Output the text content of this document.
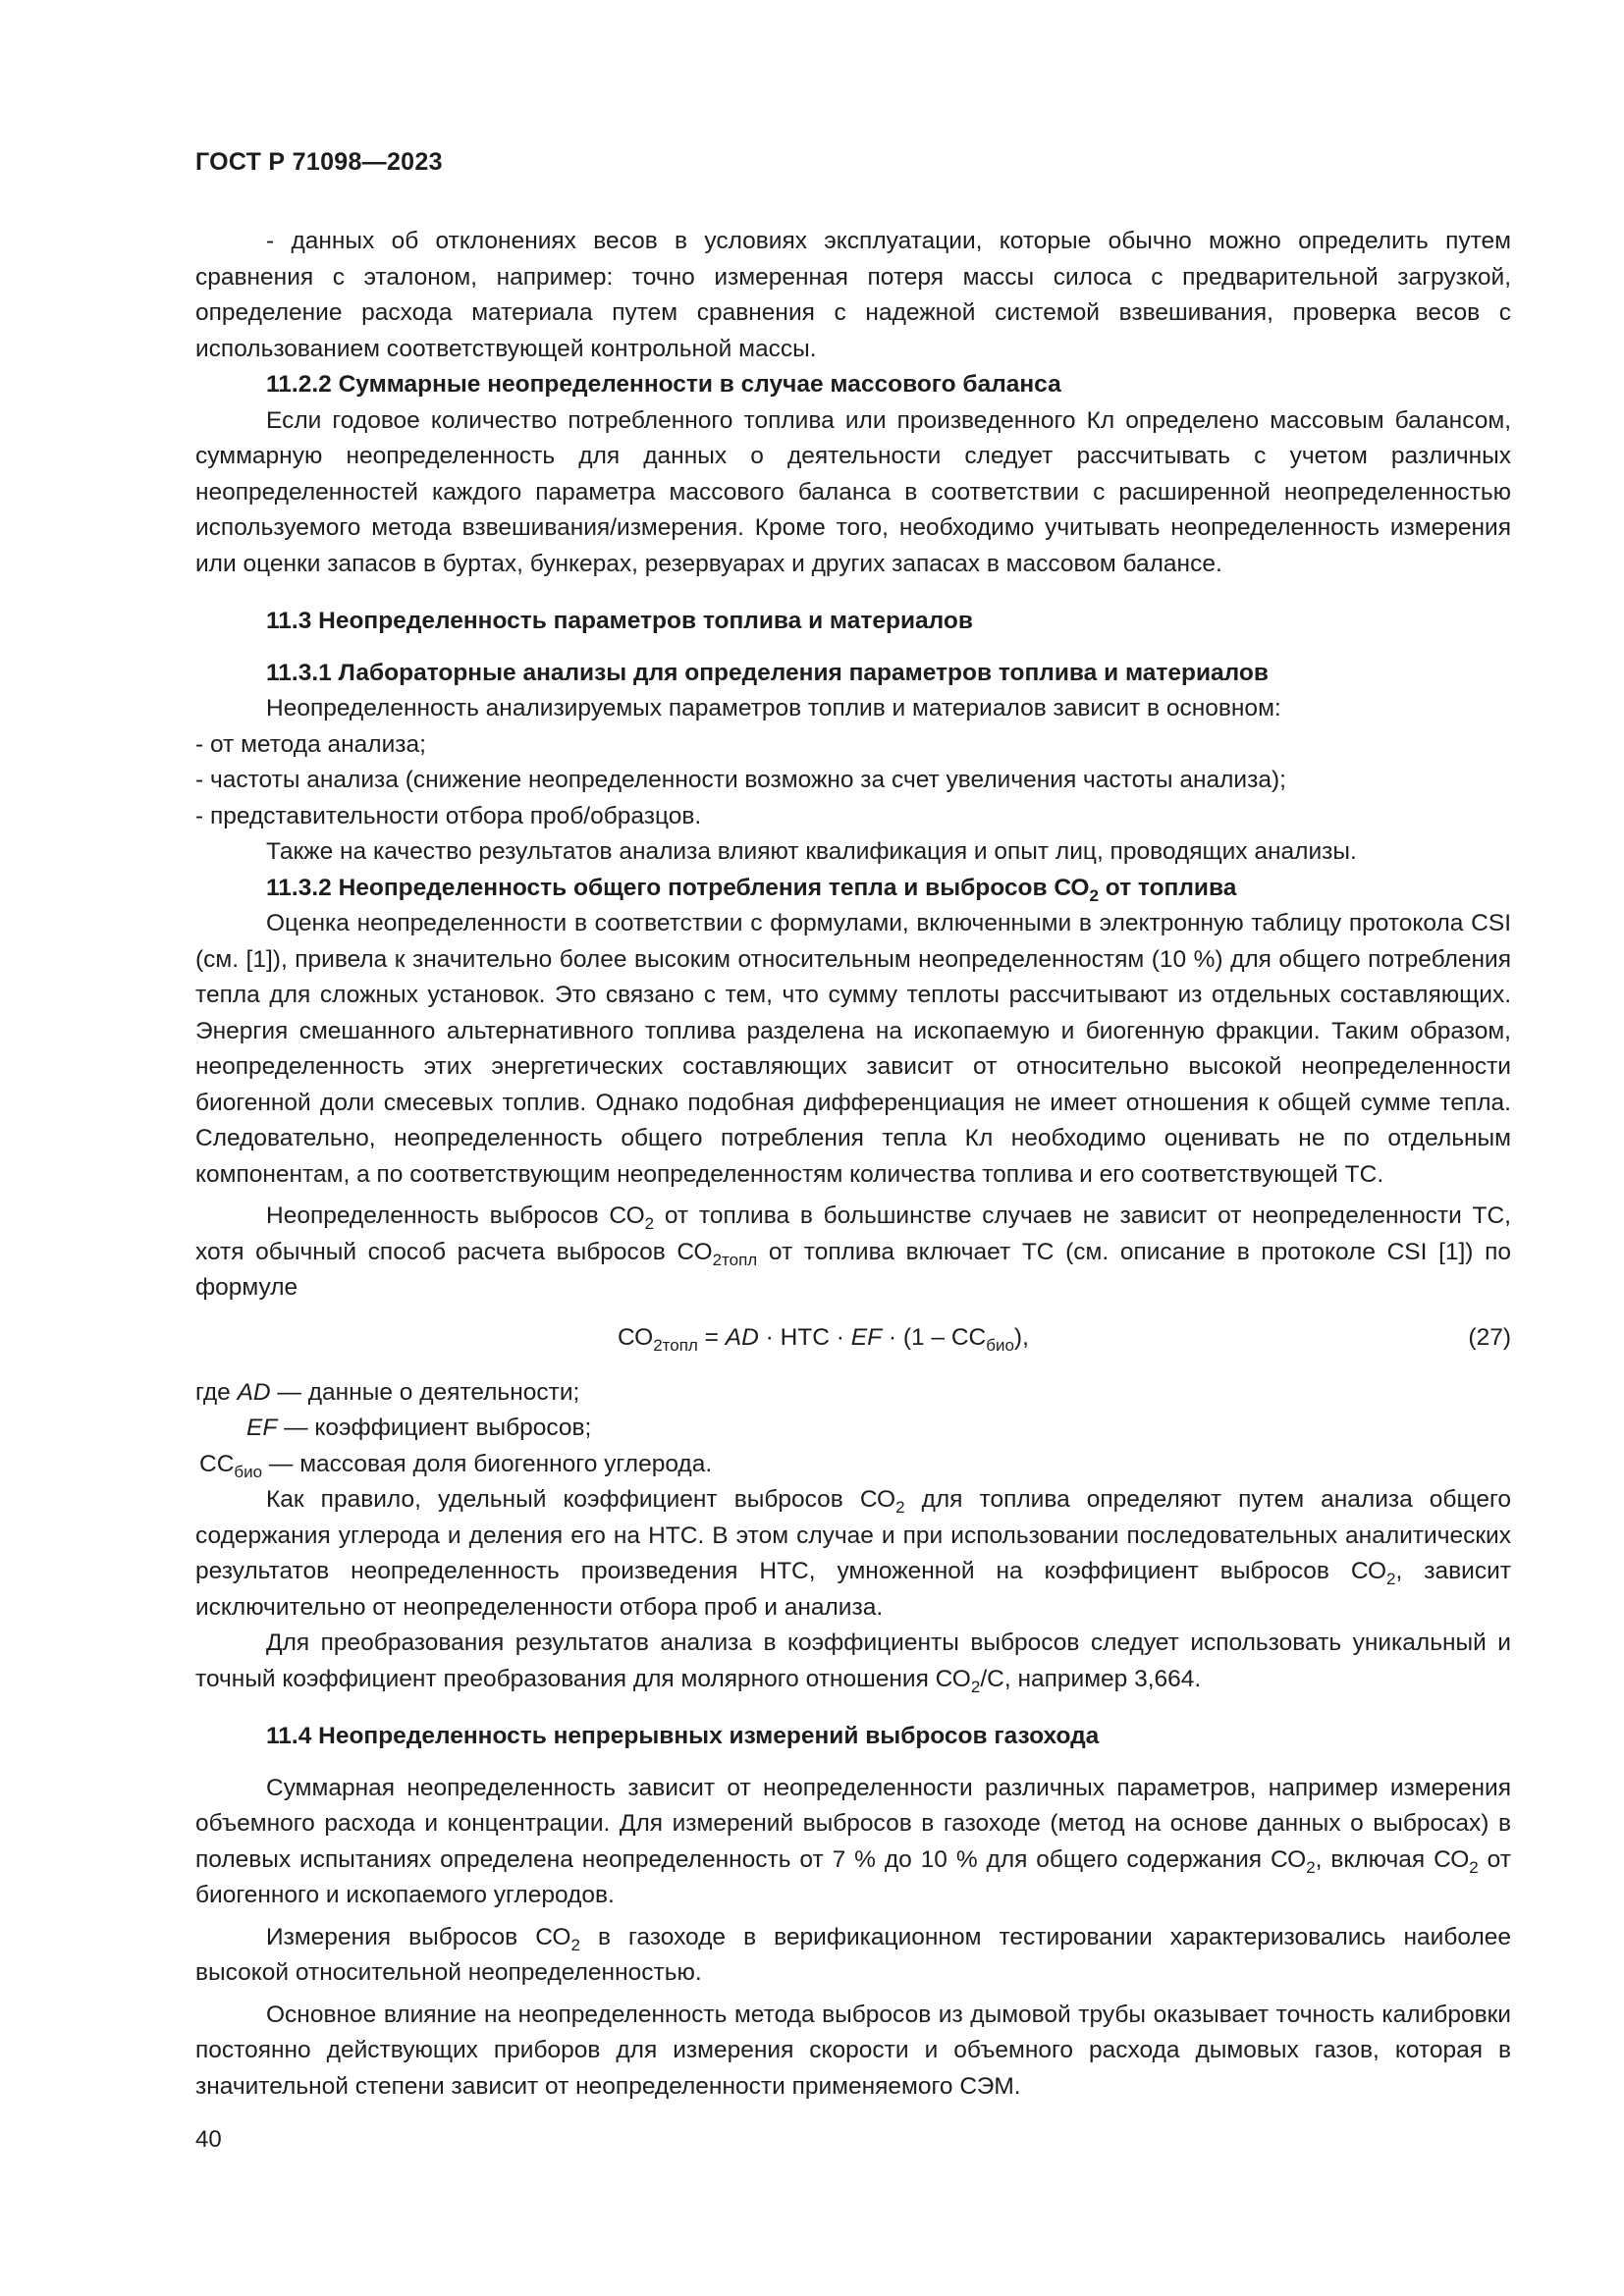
ГОСТ Р 71098—2023

- данных об отклонениях весов в условиях эксплуатации, которые обычно можно определить путем сравнения с эталоном, например: точно измеренная потеря массы силоса с предварительной загрузкой, определение расхода материала путем сравнения с надежной системой взвешивания, проверка весов с использованием соответствующей контрольной массы.

11.2.2 Суммарные неопределенности в случае массового баланса

Если годовое количество потребленного топлива или произведенного Кл определено массовым балансом, суммарную неопределенность для данных о деятельности следует рассчитывать с учетом различных неопределенностей каждого параметра массового баланса в соответствии с расширенной неопределенностью используемого метода взвешивания/измерения. Кроме того, необходимо учитывать неопределенность измерения или оценки запасов в буртах, бункерах, резервуарах и других запасах в массовом балансе.

11.3 Неопределенность параметров топлива и материалов

11.3.1 Лабораторные анализы для определения параметров топлива и материалов

Неопределенность анализируемых параметров топлив и материалов зависит в основном:

- от метода анализа;

- частоты анализа (снижение неопределенности возможно за счет увеличения частоты анализа);

- представительности отбора проб/образцов.

Также на качество результатов анализа влияют квалификация и опыт лиц, проводящих анализы.

11.3.2 Неопределенность общего потребления тепла и выбросов $СО_2$ от топлива

Оценка неопределенности в соответствии с формулами, включенными в электронную таблицу протокола CSI (см. [1]), привела к значительно более высоким относительным неопределенностям (10 %) для общего потребления тепла для сложных установок. Это связано с тем, что сумму теплоты рассчитывают из отдельных составляющих. Энергия смешанного альтернативного топлива разделена на ископаемую и биогенную фракции. Таким образом, неопределенность этих энергетических составляющих зависит от относительно высокой неопределенности биогенной доли смесевых топлив. Однако подобная дифференциация не имеет отношения к общей сумме тепла. Следовательно, неопределенность общего потребления тепла Кл необходимо оценивать не по отдельным компонентам, а по соответствующим неопределенностям количества топлива и его соответствующей ТС.

Неопределенность выбросов $СО_2$ от топлива в большинстве случаев не зависит от неопределенности ТС, хотя обычный способ расчета выбросов $СО_{2топл}$ от топлива включает ТС (см. описание в протоколе CSI [1]) по формуле

$СО_{2топл}$ = AD · НТС · EF · $(1 - СС_{био})$,	(27)

где AD — данные о деятельности;

EF — коэффициент выбросов;

$СС_{био}$ — массовая доля биогенного углерода.

Как правило, удельный коэффициент выбросов $СО_2$ для топлива определяют путем анализа общего содержания углерода и деления его на НТС. В этом случае и при использовании последовательных аналитических результатов неопределенность произведения НТС, умноженной на коэффициент выбросов $СО_2$, зависит исключительно от неопределенности отбора проб и анализа.

Для преобразования результатов анализа в коэффициенты выбросов следует использовать уникальный и точный коэффициент преобразования для молярного отношения $СО_2/С$, например 3,664.

11.4 Неопределенность непрерывных измерений выбросов газохода

Суммарная неопределенность зависит от неопределенности различных параметров, например измерения объемного расхода и концентрации. Для измерений выбросов в газоходе (метод на основе данных о выбросах) в полевых испытаниях определена неопределенность от 7 % до 10 % для общего содержания $СО_2$, включая $СО_2$ от биогенного и ископаемого углеродов.

Измерения выбросов $СО_2$ в газоходе в верификационном тестировании характеризовались наиболее высокой относительной неопределенностью.

Основное влияние на неопределенность метода выбросов из дымовой трубы оказывает точность калибровки постоянно действующих приборов для измерения скорости и объемного расхода дымовых газов, которая в значительной степени зависит от неопределенности применяемого СЭМ.

40
